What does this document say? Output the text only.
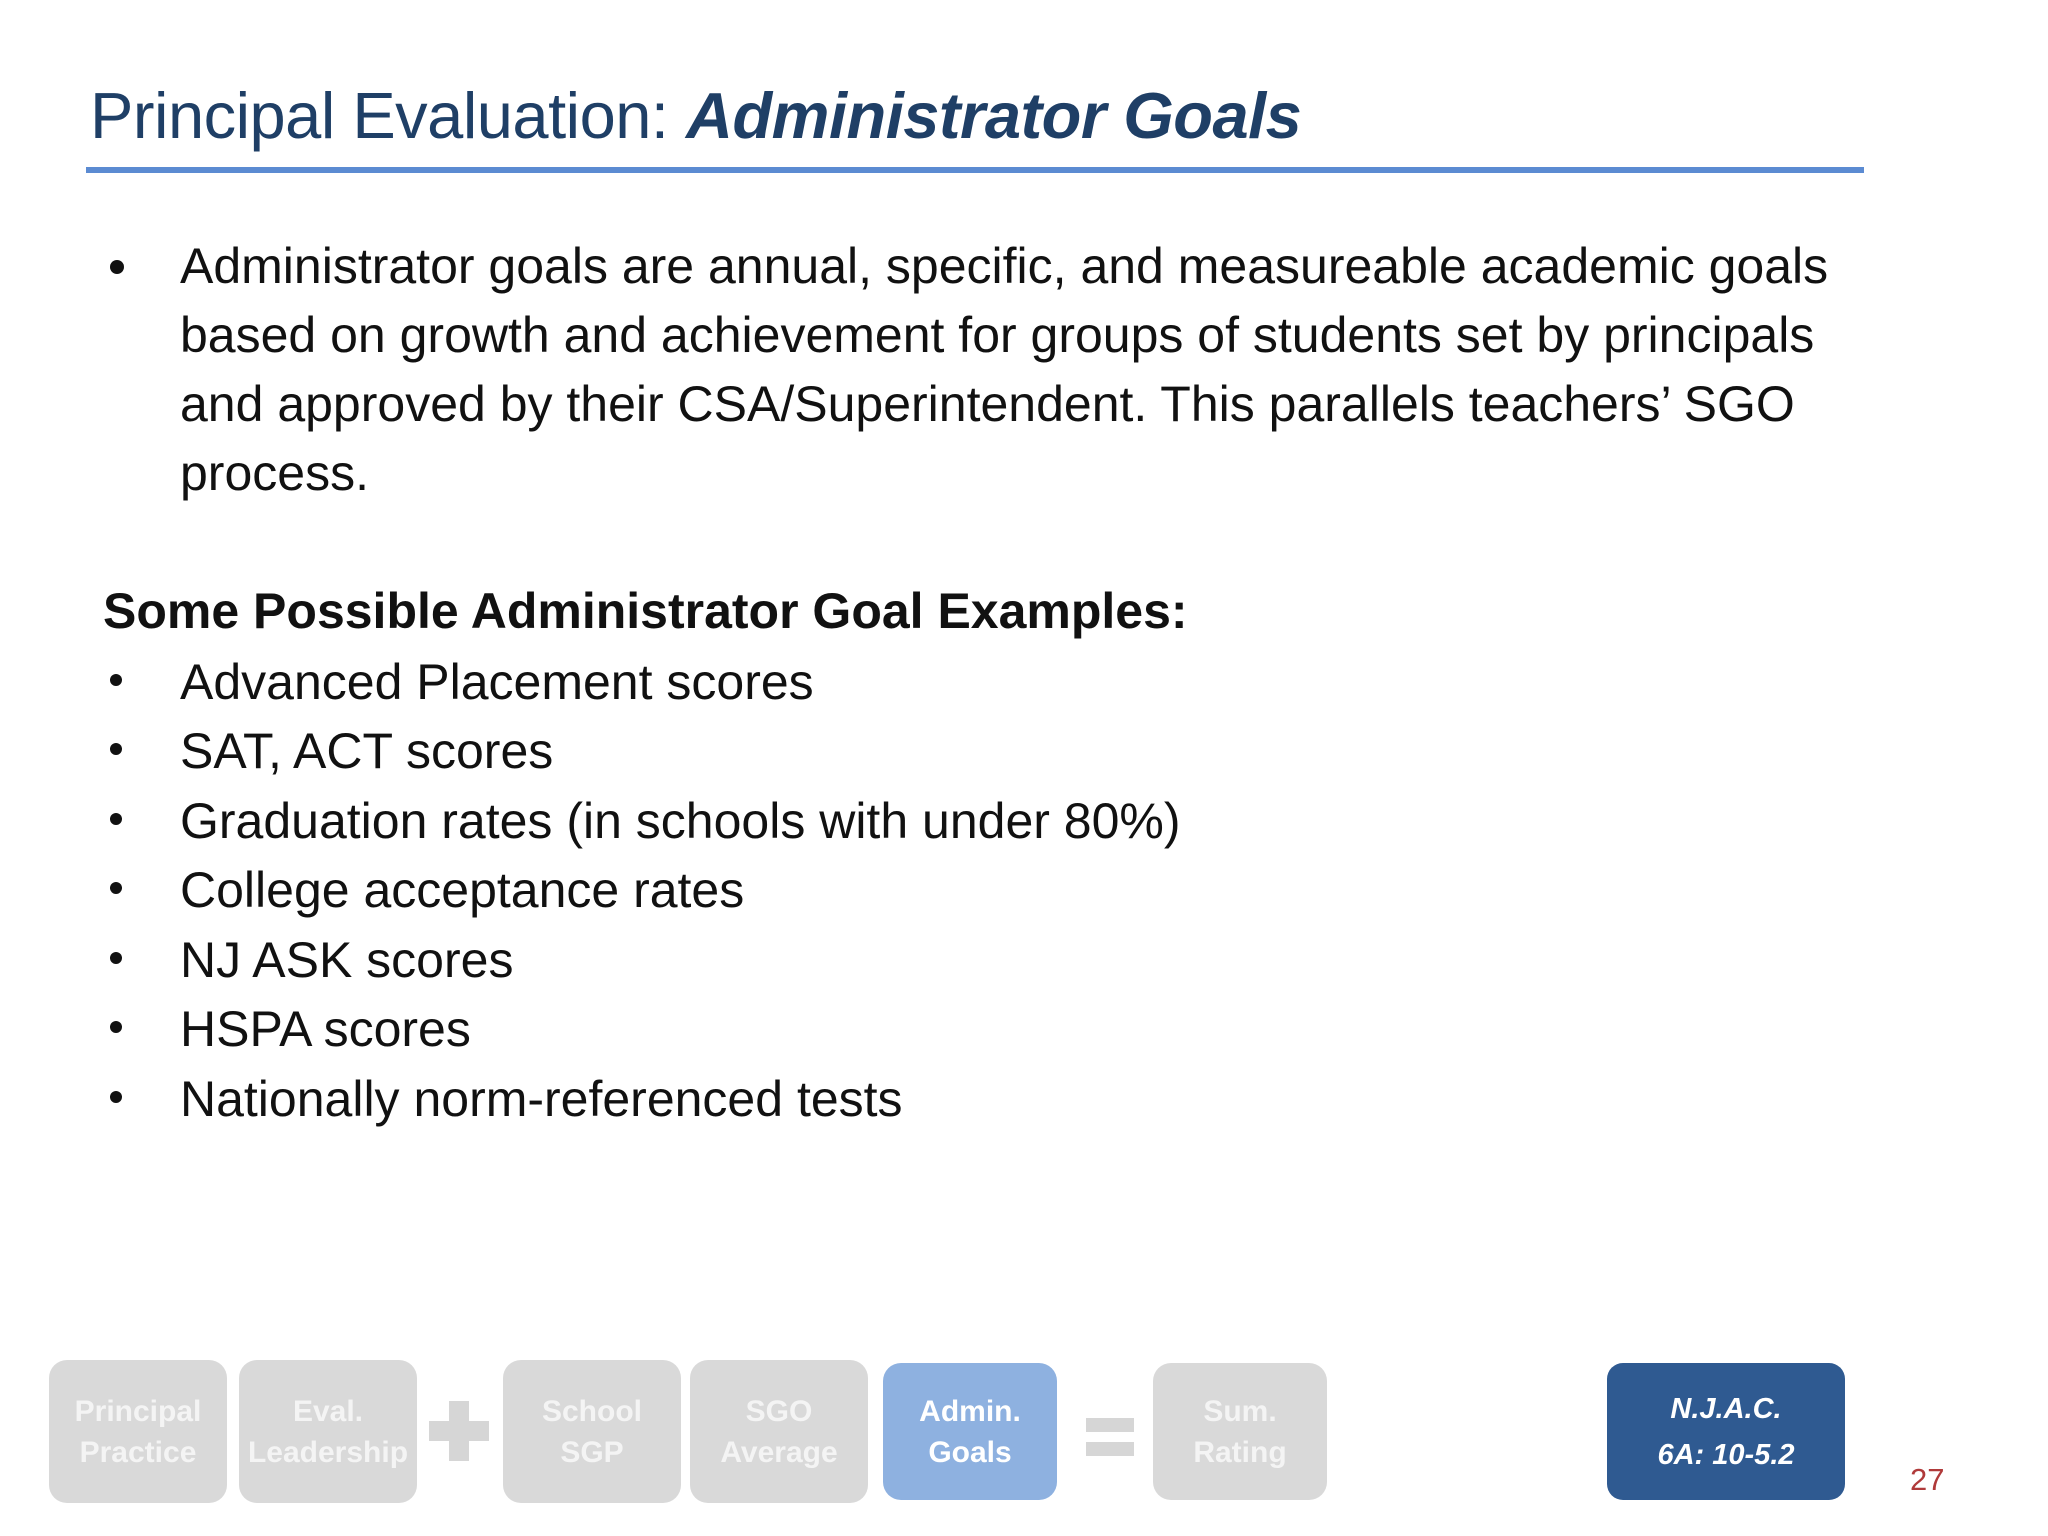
Principal Evaluation: Administrator Goals

Administrator goals are annual, specific, and measureable academic goals based on growth and achievement for groups of students set by principals and approved by their CSA/Superintendent. This parallels teachers’ SGO process.

Some Possible Administrator Goal Examples:
Advanced Placement scores
SAT, ACT scores
Graduation rates (in schools with under 80%)
College acceptance rates
NJ ASK scores
HSPA scores
Nationally norm-referenced tests
Principal
Practice
Eval.
Leadership
School
SGP
SGO
Average
Admin.
Goals
Sum.
Rating
N.J.A.C.
6A: 10-5.2
27
